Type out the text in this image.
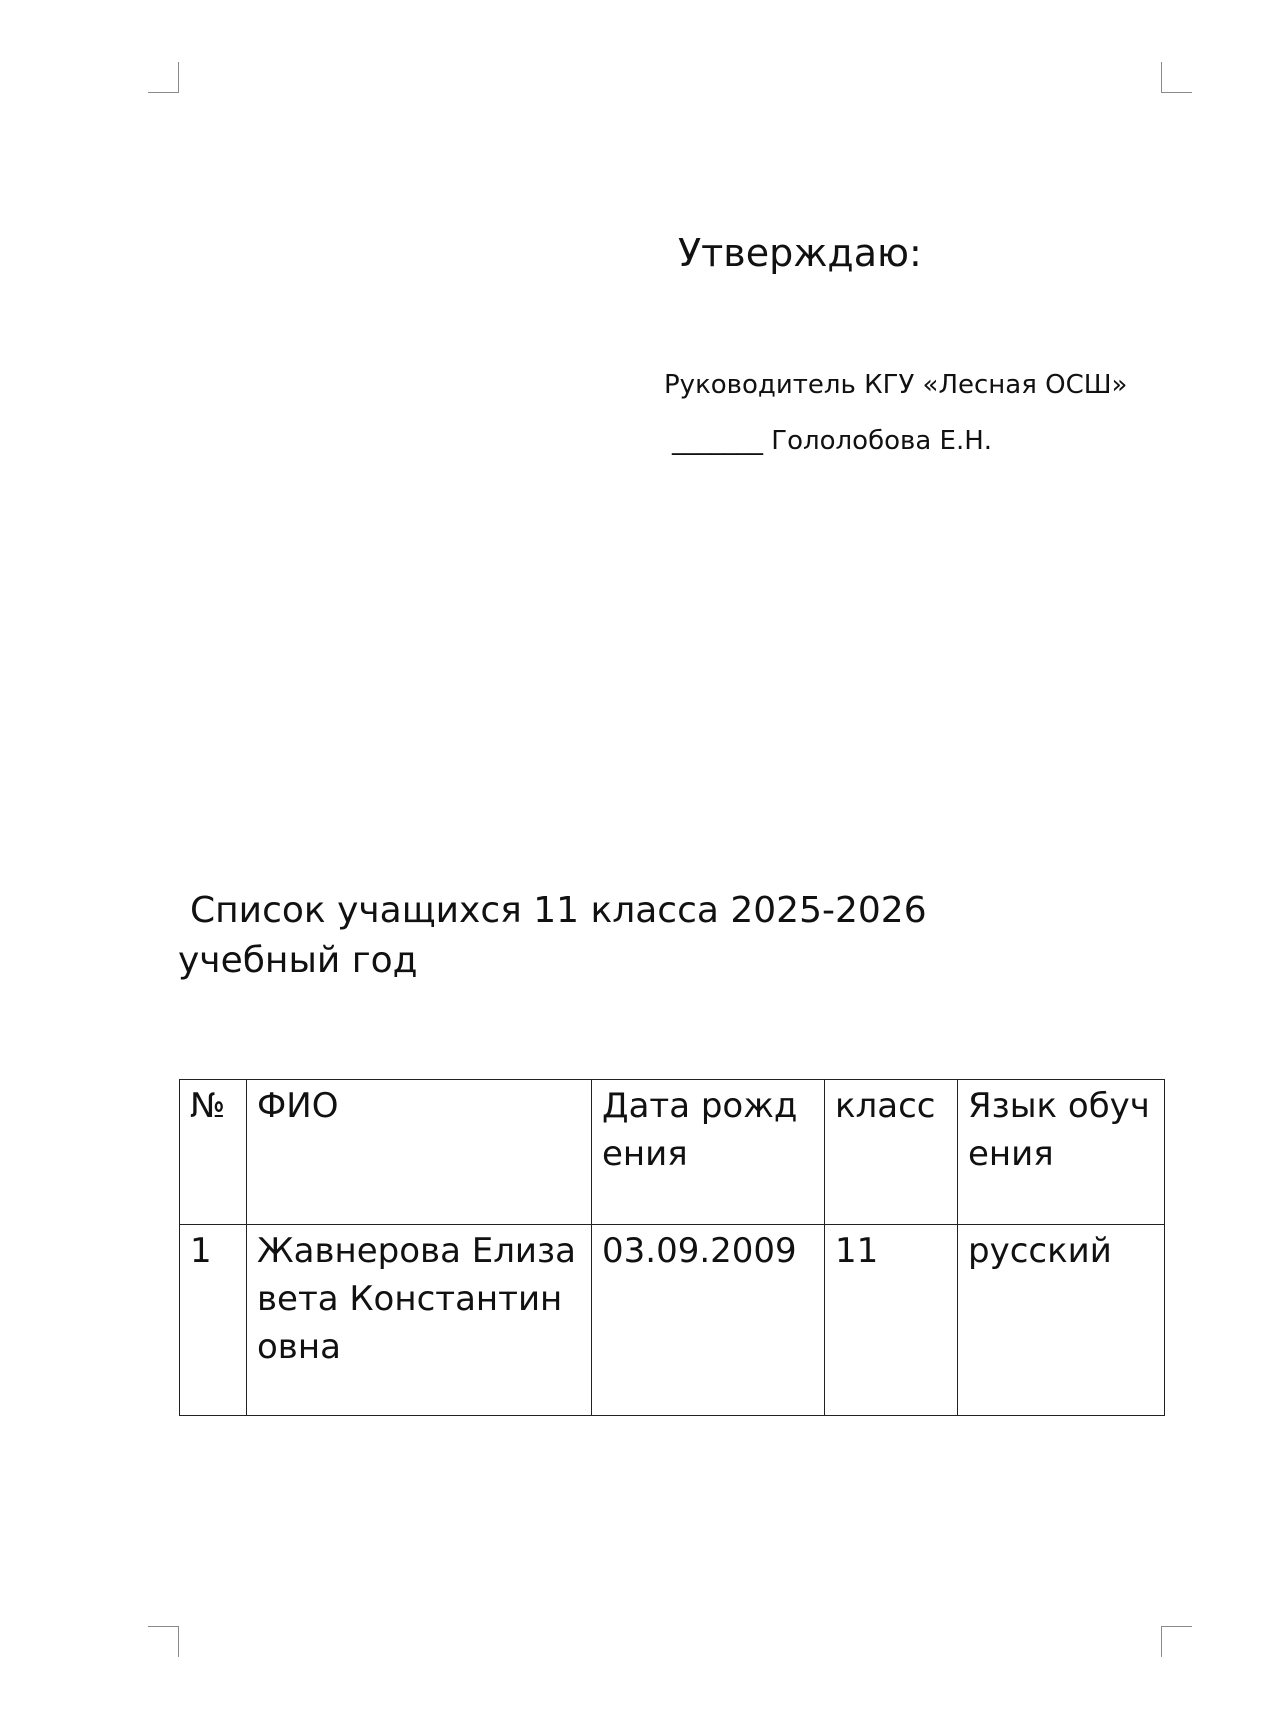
Утверждаю:
Руководитель КГУ «Лесная ОСШ»
_______ Гололобова Е.Н.
Список учащихся 11 класса 2025-2026 учебный год
№	ФИО	Дата рождения	класс	Язык обучения
1	Жавнерова Елизавета Константиновна	03.09.2009	11	русский
